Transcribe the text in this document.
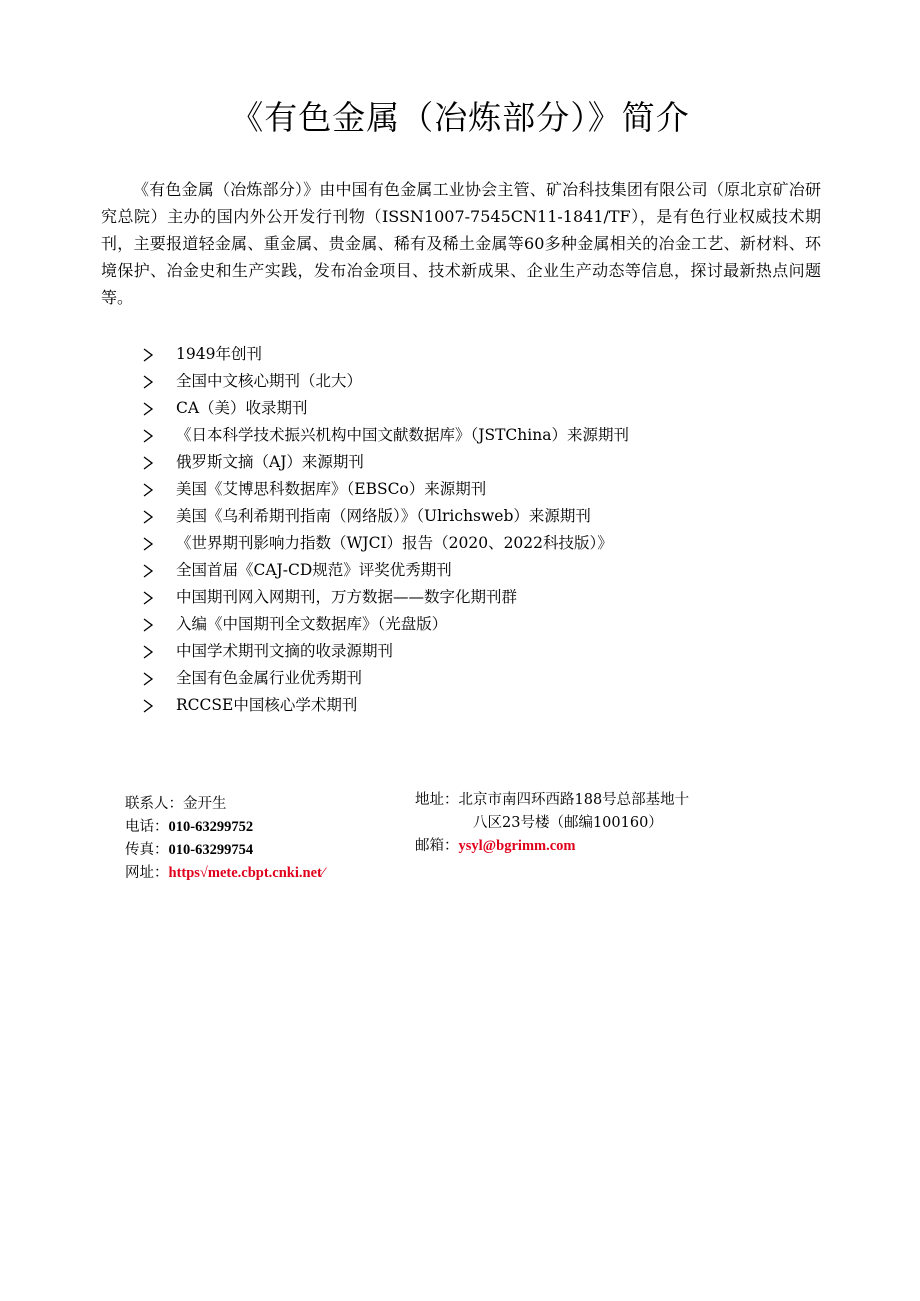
《有色金属（冶炼部分）》简介

《有色金属（冶炼部分）》由中国有色金属工业协会主管、矿冶科技集团有限公司（原北京矿冶研究总院）主办的国内外公开发行刊物（ISSN1007-7545CN11-1841/TF），是有色行业权威技术期刊，主要报道轻金属、重金属、贵金属、稀有及稀土金属等60多种金属相关的冶金工艺、新材料、环境保护、冶金史和生产实践，发布冶金项目、技术新成果、企业生产动态等信息，探讨最新热点问题等。

1949年创刊
全国中文核心期刊（北大）
CA（美）收录期刊
《日本科学技术振兴机构中国文献数据库》（JSTChina）来源期刊
俄罗斯文摘（AJ）来源期刊
美国《艾博思科数据库》（EBSCo）来源期刊
美国《乌利希期刊指南（网络版）》（Ulrichsweb）来源期刊
《世界期刊影响力指数（WJCI）报告（2020、2022科技版）》
全国首届《CAJ-CD规范》评奖优秀期刊
中国期刊网入网期刊，万方数据——数字化期刊群
入编《中国期刊全文数据库》（光盘版）
中国学术期刊文摘的收录源期刊
全国有色金属行业优秀期刊
RCCSE中国核心学术期刊
联系人：金开生
电话：010-63299752
传真：010-63299754
网址：https√mete.cbpt.cnki.net⁄
地址：北京市南四环西路188号总部基地十
八区23号楼（邮编100160）
邮箱：ysyl@bgrimm.com
